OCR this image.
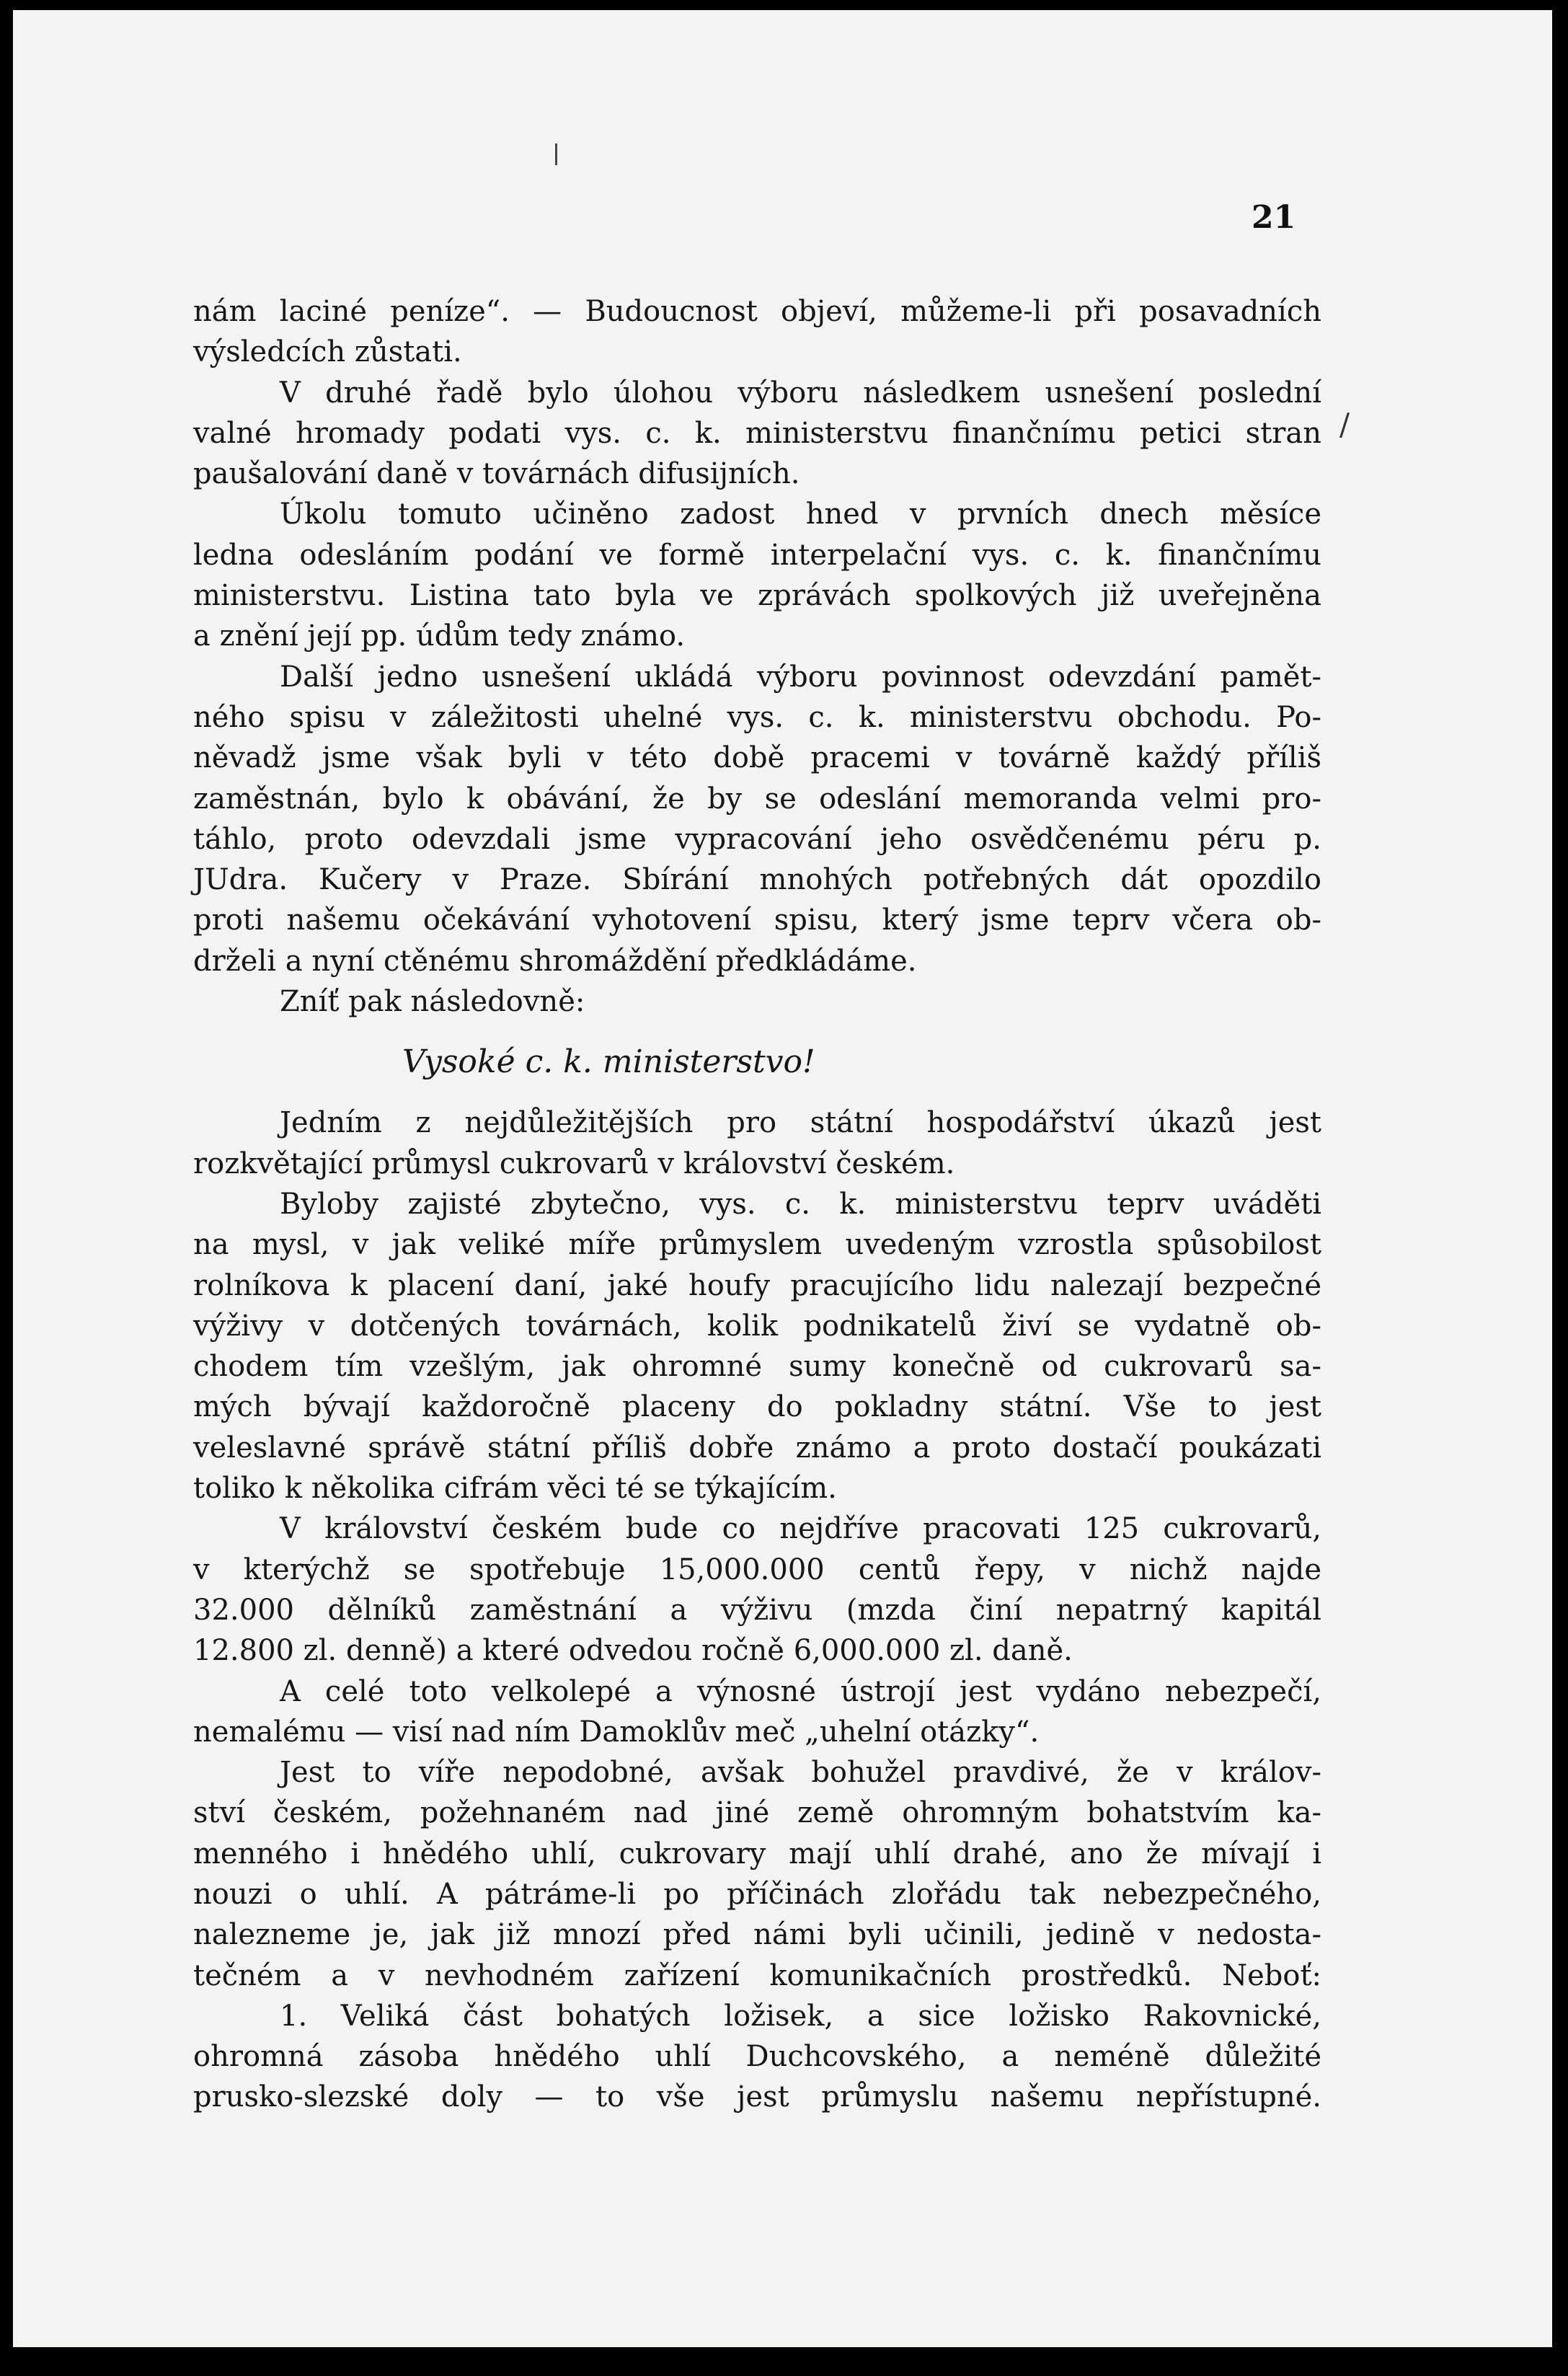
21
/
nám laciné peníze“. — Budoucnost objeví, můžeme-li při posavadních
výsledcích zůstati.
V druhé řadě bylo úlohou výboru následkem usnešení poslední
valné hromady podati vys. c. k. ministerstvu finančnímu petici stran
paušalování daně v továrnách difusijních.
Úkolu tomuto učiněno zadost hned v prvních dnech měsíce
ledna odesláním podání ve formě interpelační vys. c. k. finančnímu
ministerstvu. Listina tato byla ve zprávách spolkových již uveřejněna
a znění její pp. údům tedy známo.
Další jedno usnešení ukládá výboru povinnost odevzdání pamět-
ného spisu v záležitosti uhelné vys. c. k. ministerstvu obchodu. Po-
něvadž jsme však byli v této době pracemi v továrně každý příliš
zaměstnán, bylo k obávání, že by se odeslání memoranda velmi pro-
táhlo, proto odevzdali jsme vypracování jeho osvědčenému péru p.
JUdra. Kučery v Praze. Sbírání mnohých potřebných dát opozdilo
proti našemu očekávání vyhotovení spisu, který jsme teprv včera ob-
drželi a nyní ctěnému shromáždění předkládáme.
Zníť pak následovně:
Vysoké c. k. ministerstvo!
Jedním z nejdůležitějších pro státní hospodářství úkazů jest
rozkvětající průmysl cukrovarů v království českém.
Byloby zajisté zbytečno, vys. c. k. ministerstvu teprv uváděti
na mysl, v jak veliké míře průmyslem uvedeným vzrostla spůsobilost
rolníkova k placení daní, jaké houfy pracujícího lidu nalezají bezpečné
výživy v dotčených továrnách, kolik podnikatelů živí se vydatně ob-
chodem tím vzešlým, jak ohromné sumy konečně od cukrovarů sa-
mých bývají každoročně placeny do pokladny státní. Vše to jest
veleslavné správě státní příliš dobře známo a proto dostačí poukázati
toliko k několika cifrám věci té se týkajícím.
V království českém bude co nejdříve pracovati 125 cukrovarů,
v kterýchž se spotřebuje 15,000.000 centů řepy, v nichž najde
32.000 dělníků zaměstnání a výživu (mzda činí nepatrný kapitál
12.800 zl. denně) a které odvedou ročně 6,000.000 zl. daně.
A celé toto velkolepé a výnosné ústrojí jest vydáno nebezpečí,
nemalému — visí nad ním Damoklův meč „uhelní otázky“.
Jest to víře nepodobné, avšak bohužel pravdivé, že v králov-
ství českém, požehnaném nad jiné země ohromným bohatstvím ka-
menného i hnědého uhlí, cukrovary mají uhlí drahé, ano že mívají i
nouzi o uhlí. A pátráme-li po příčinách zlořádu tak nebezpečného,
nalezneme je, jak již mnozí před námi byli učinili, jedině v nedosta-
tečném a v nevhodném zařízení komunikačních prostředků. Neboť:
1. Veliká část bohatých ložisek, a sice ložisko Rakovnické,
ohromná zásoba hnědého uhlí Duchcovského, a neméně důležité
prusko-slezské doly — to vše jest průmyslu našemu nepřístupné.
